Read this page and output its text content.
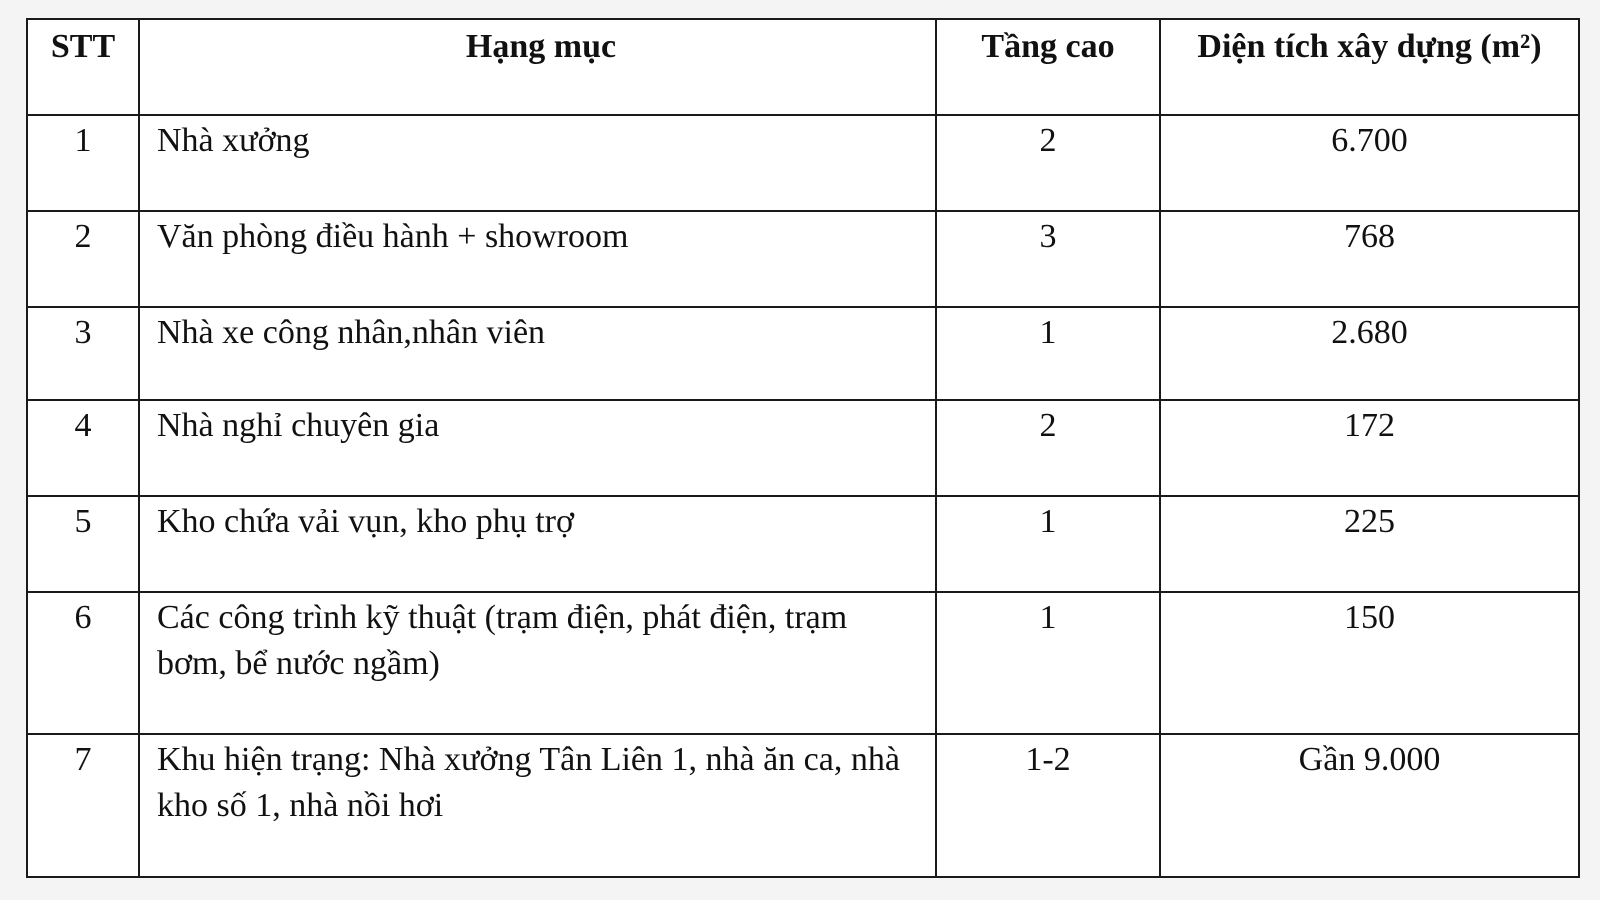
STT	Hạng mục	Tầng cao	Diện tích xây dựng (m²)
1	Nhà xưởng	2	6.700
2	Văn phòng điều hành + showroom	3	768
3	Nhà xe công nhân,nhân viên	1	2.680
4	Nhà nghỉ chuyên gia	2	172
5	Kho chứa vải vụn, kho phụ trợ	1	225
6	Các công trình kỹ thuật (trạm điện, phát điện, trạm bơm, bể nước ngầm)	1	150
7	Khu hiện trạng: Nhà xưởng Tân Liên 1, nhà ăn ca, nhà kho số 1, nhà nồi hơi	1-2	Gần 9.000
